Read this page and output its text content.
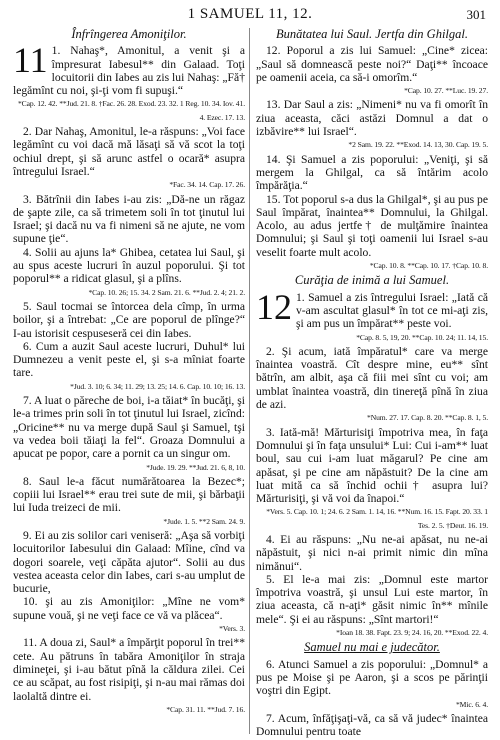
1 SAMUEL 11, 12.	301
Înfrîngerea Amoniţilor.

11 1. Nahaş*, Amonitul, a venit şi a împresurat Iabesul** din Galaad. Toţi locuitorii din Iabes au zis lui Nahaş: „Fă† legămînt cu noi, şi-ţi vom fi supuşi.“

*Cap. 12. 42. **Jud. 21. 8. †Fac. 26. 28. Exod. 23. 32. 1 Reg. 10. 34. Iov. 41. 4. Ezec. 17. 13.

2. Dar Nahaş, Amonitul, le-a răspuns: „Voi face legămînt cu voi dacă mă lăsaţi să vă scot la toţi ochiul drept, şi să arunc astfel o ocară* asupra întregului Israel.“

*Fac. 34. 14. Cap. 17. 26.

3. Bătrînii din Iabes i-au zis: „Dă-ne un răgaz de şapte zile, ca să trimetem soli în tot ţinutul lui Israel; şi dacă nu va fi nimeni să ne ajute, ne vom supune ţie“.

4. Solii au ajuns la* Ghibea, cetatea lui Saul, şi au spus aceste lucruri în auzul poporului. Şi tot poporul** a ridicat glasul, şi a plîns.

*Cap. 10. 26; 15. 34. 2 Sam. 21. 6. **Jud. 2. 4; 21. 2.

5. Saul tocmai se întorcea dela cîmp, în urma boilor, şi a întrebat: „Ce are poporul de plînge?“ I-au istorisit cespuseseră cei din Iabes.

6. Cum a auzit Saul aceste lucruri, Duhul* lui Dumnezeu a venit peste el, şi s-a mîniat foarte tare.

*Jud. 3. 10; 6. 34; 11. 29; 13. 25; 14. 6. Cap. 10. 10; 16. 13.

7. A luat o păreche de boi, i-a tăiat* în bucăţi, şi le-a trimes prin soli în tot ţinutul lui Israel, zicînd: „Oricine** nu va merge după Saul şi Samuel, tşi va vedea boii tăiaţi la fel“. Groaza Domnului a apucat pe popor, care a pornit ca un singur om.

*Jude. 19. 29. **Jud. 21. 6, 8, 10.

8. Saul le-a făcut numărătoarea la Bezec*; copiii lui Israel** erau trei sute de mii, şi bărbaţii lui Iuda treizeci de mii.

*Jude. 1. 5. **2 Sam. 24. 9.

9. Ei au zis solilor cari veniseră: „Aşa să vorbiţi locuitorilor Iabesului din Galaad: Mîine, cînd va dogori soarele, veţi căpăta ajutor“. Solii au dus vestea aceasta celor din Iabes, cari s-au umplut de bucurie,

10. şi au zis Amoniţilor: „Mîne ne vom* supune vouă, şi ne veţi face ce vă va plăcea“.

*Vers. 3.

11. A doua zi, Saul* a împărţit poporul în trei** cete. Au pătruns în tabăra Amoniţilor în straja dimineţei, şi i-au bătut pînă la căldura zilei. Cei ce au scăpat, au fost risipiţi, şi n-au mai rămas doi laolaltă dintre ei.

*Cap. 31. 11. **Jud. 7. 16.
Bunătatea lui Saul. Jertfa din Ghilgal.

12. Poporul a zis lui Samuel: „Cine* zicea: „Saul să domnească peste noi?“ Daţi** încoace pe oamenii aceia, ca să-i omorîm.“

*Cap. 10. 27. **Luc. 19. 27.

13. Dar Saul a zis: „Nimeni* nu va fi omorît în ziua aceasta, căci astăzi Domnul a dat o izbăvire** lui Israel“.

*2 Sam. 19. 22. **Exod. 14. 13, 30. Cap. 19. 5.

14. Şi Samuel a zis poporului: „Veniţi, şi să mergem la Ghilgal, ca să întărim acolo împărăţia.“

15. Tot poporul s-a dus la Ghilgal*, şi au pus pe Saul împărat, înaintea** Domnului, la Ghilgal. Acolo, au adus jertfe† de mulţămire înaintea Domnului; şi Saul şi toţi oamenii lui Israel s-au veselit foarte mult acolo.

*Cap. 10. 8. **Cap. 10. 17. †Cap. 10. 8.
Curăţia de inimă a lui Samuel.

12 1. Samuel a zis întregului Israel: „Iată că v-am ascultat glasul* în tot ce mi-aţi zis, şi am pus un împărat** peste voi.

*Cap. 8. 5, 19, 20. **Cap. 10. 24; 11. 14, 15.

2. Şi acum, iată împăratul* care va merge înaintea voastră. Cît despre mine, eu** sînt bătrîn, am albit, aşa că fiii mei sînt cu voi; am umblat înaintea voastră, din tinereţă pînă în ziua de azi.

*Num. 27. 17. Cap. 8. 20. **Cap. 8. 1, 5.

3. Iată-mă! Mărturisiţi împotriva mea, în faţa Domnului şi în faţa unsului* Lui: Cui i-am** luat boul, sau cui i-am luat măgarul? Pe cine am apăsat, şi pe cine am năpăstuit? De la cine am luat mită ca să închid ochii† asupra lui? Mărturisiţi, şi vă voi da înapoi.“

*Vers. 5. Cap. 10. 1; 24. 6. 2 Sam. 1. 14, 16. **Num. 16. 15. Fapt. 20. 33. 1 Tes. 2. 5. †Deut. 16. 19.

4. Ei au răspuns: „Nu ne-ai apăsat, nu ne-ai năpăstuit, şi nici n-ai primit nimic din mîna nimănui“.

5. El le-a mai zis: „Domnul este martor împotriva voastră, şi unsul Lui este martor, în ziua aceasta, că n-aţi* găsit nimic în** mînile mele“. Şi ei au răspuns: „Sînt martori!“

*Ioan 18. 38. Fapt. 23. 9; 24. 16, 20. **Exod. 22. 4.
Samuel nu mai e judecător.

6. Atunci Samuel a zis poporului: „Domnul* a pus pe Moise şi pe Aaron, şi a scos pe părinţii voştri din Egipt.

*Mic. 6. 4.

7. Acum, înfăţişaţi-vă, ca să vă judec* înaintea Domnului pentru toate
